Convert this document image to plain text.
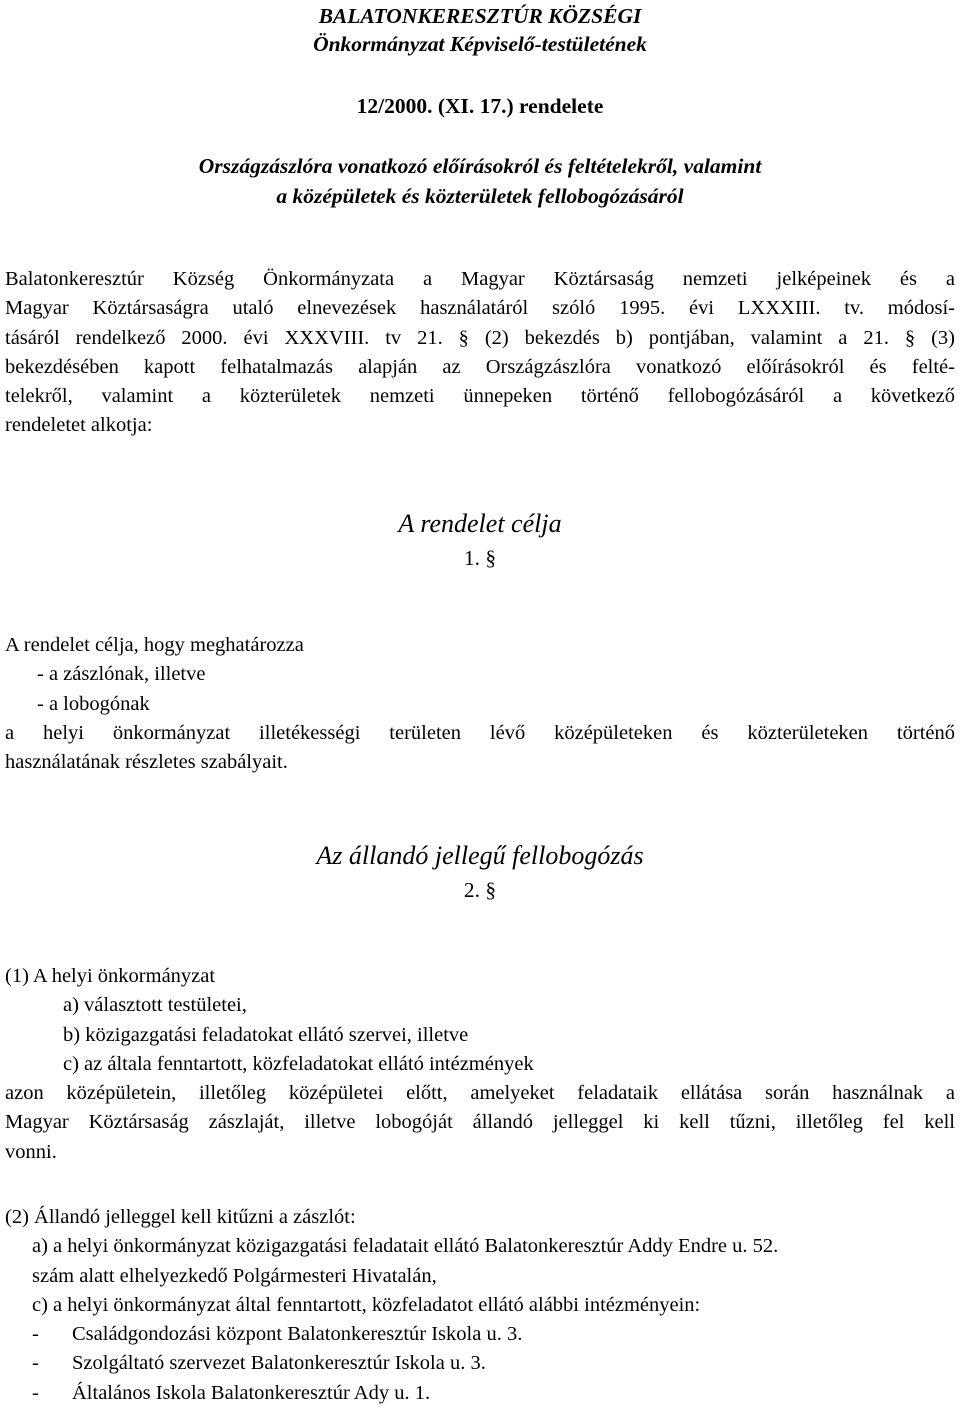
BALATONKERESZTÚR KÖZSÉGI
Önkormányzat Képviselő-testületének
12/2000. (XI. 17.) rendelete
Országzászlóra vonatkozó előírásokról és feltételekről, valamint
a középületek és közterületek fellobogózásáról
Balatonkeresztúr Község Önkormányzata a Magyar Köztársaság nemzeti jelképeinek és a
Magyar Köztársaságra utaló elnevezések használatáról szóló 1995. évi LXXXIII. tv. módosí-
tásáról rendelkező 2000. évi XXXVIII. tv 21. § (2) bekezdés b) pontjában, valamint a 21. § (3)
bekezdésében kapott felhatalmazás alapján az Országzászlóra vonatkozó előírásokról és felté-
telekről, valamint a közterületek nemzeti ünnepeken történő fellobogózásáról a következő
rendeletet alkotja:
A rendelet célja
1. §
A rendelet célja, hogy meghatározza
- a zászlónak, illetve
- a lobogónak
a helyi önkormányzat illetékességi területen lévő középületeken és közterületeken történő
használatának részletes szabályait.
Az állandó jellegű fellobogózás
2. §
(1) A helyi önkormányzat
a) választott testületei,
b) közigazgatási feladatokat ellátó szervei, illetve
c) az általa fenntartott, közfeladatokat ellátó intézmények
azon középületein, illetőleg középületei előtt, amelyeket feladataik ellátása során használnak a
Magyar Köztársaság zászlaját, illetve lobogóját állandó jelleggel ki kell tűzni, illetőleg fel kell
vonni.
(2) Állandó jelleggel kell kitűzni a zászlót:
a) a helyi önkormányzat közigazgatási feladatait ellátó Balatonkeresztúr Addy Endre u. 52.
szám alatt elhelyezkedő Polgármesteri Hivatalán,
c) a helyi önkormányzat által fenntartott, közfeladatot ellátó alábbi intézményein:
- Családgondozási központ Balatonkeresztúr Iskola u. 3.
- Szolgáltató szervezet Balatonkeresztúr Iskola u. 3.
- Általános Iskola Balatonkeresztúr Ady u. 1.
